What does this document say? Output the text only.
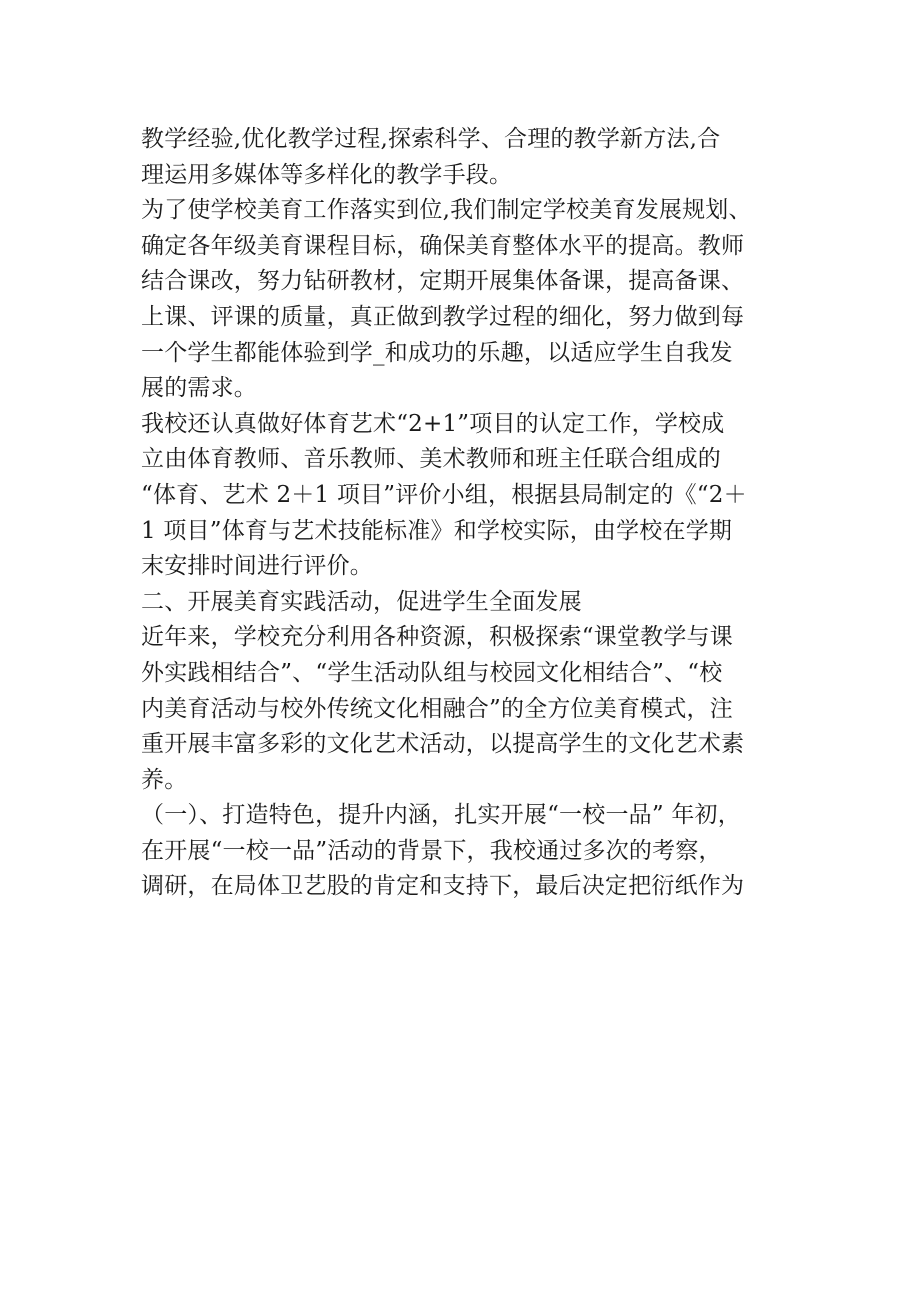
教学经验,优化教学过程,探索科学、合理的教学新方法,合
理运用多媒体等多样化的教学手段。
为了使学校美育工作落实到位,我们制定学校美育发展规划、
确定各年级美育课程目标，确保美育整体水平的提高。教师
结合课改，努力钻研教材，定期开展集体备课，提高备课、
上课、评课的质量，真正做到教学过程的细化，努力做到每
一个学生都能体验到学_和成功的乐趣，以适应学生自我发
展的需求。
我校还认真做好体育艺术“2+1”项目的认定工作，学校成
立由体育教师、音乐教师、美术教师和班主任联合组成的
“体育、艺术 2＋1 项目”评价小组，根据县局制定的《“2＋
1 项目”体育与艺术技能标准》和学校实际，由学校在学期
末安排时间进行评价。
二、开展美育实践活动，促进学生全面发展
近年来，学校充分利用各种资源，积极探索“课堂教学与课
外实践相结合”、“学生活动队组与校园文化相结合”、“校
内美育活动与校外传统文化相融合”的全方位美育模式，注
重开展丰富多彩的文化艺术活动，以提高学生的文化艺术素
养。
（一）、打造特色，提升内涵，扎实开展“一校一品” 年初，
在开展“一校一品”活动的背景下，我校通过多次的考察，
调研，在局体卫艺股的肯定和支持下，最后决定把衍纸作为
